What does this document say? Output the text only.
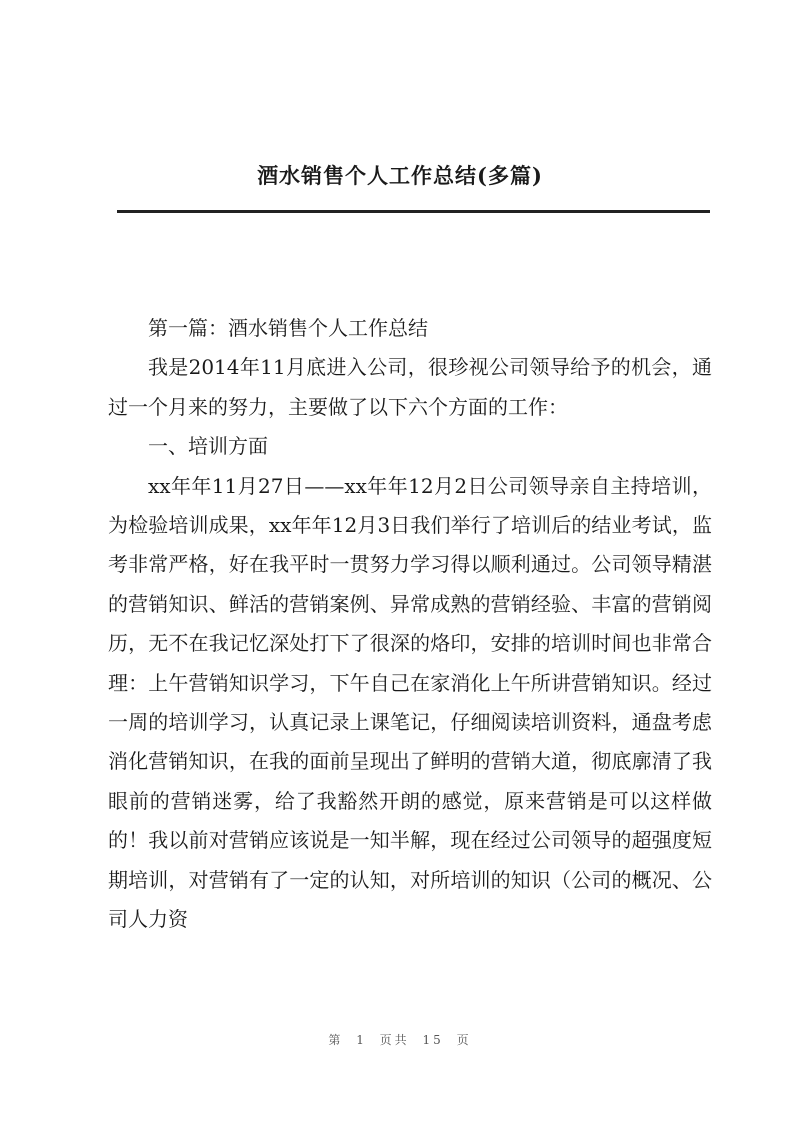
酒水销售个人工作总结(多篇)

第一篇：酒水销售个人工作总结

我是2014年11月底进入公司，很珍视公司领导给予的机会，通过一个月来的努力，主要做了以下六个方面的工作：

一、培训方面

xx年年11月27日——xx年年12月2日公司领导亲自主持培训，为检验培训成果，xx年年12月3日我们举行了培训后的结业考试，监考非常严格，好在我平时一贯努力学习得以顺利通过。公司领导精湛的营销知识、鲜活的营销案例、异常成熟的营销经验、丰富的营销阅历，无不在我记忆深处打下了很深的烙印，安排的培训时间也非常合理：上午营销知识学习，下午自己在家消化上午所讲营销知识。经过一周的培训学习，认真记录上课笔记，仔细阅读培训资料，通盘考虑消化营销知识，在我的面前呈现出了鲜明的营销大道，彻底廓清了我眼前的营销迷雾，给了我豁然开朗的感觉，原来营销是可以这样做的！我以前对营销应该说是一知半解，现在经过公司领导的超强度短期培训，对营销有了一定的认知，对所培训的知识（公司的概况、公司人力资

第 1 页共 15 页
